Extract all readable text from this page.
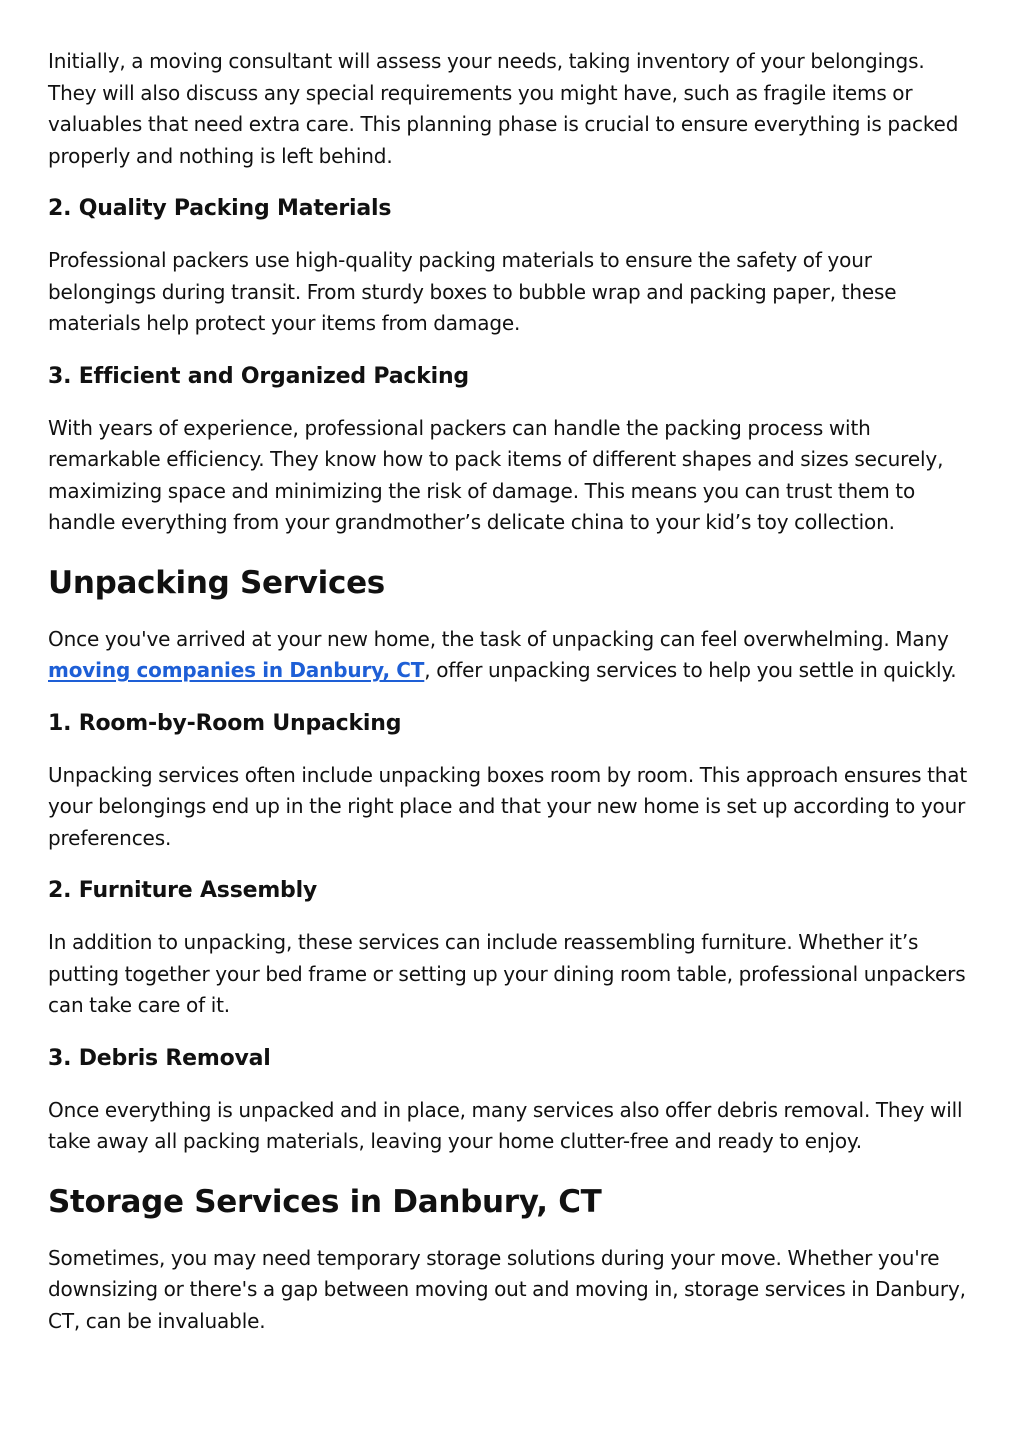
Initially, a moving consultant will assess your needs, taking inventory of your belongings. They will also discuss any special requirements you might have, such as fragile items or valuables that need extra care. This planning phase is crucial to ensure everything is packed properly and nothing is left behind.

2. Quality Packing Materials

Professional packers use high-quality packing materials to ensure the safety of your belongings during transit. From sturdy boxes to bubble wrap and packing paper, these materials help protect your items from damage.

3. Efficient and Organized Packing

With years of experience, professional packers can handle the packing process with remarkable efficiency. They know how to pack items of different shapes and sizes securely, maximizing space and minimizing the risk of damage. This means you can trust them to handle everything from your grandmother’s delicate china to your kid’s toy collection.

Unpacking Services

Once you've arrived at your new home, the task of unpacking can feel overwhelming. Many moving companies in Danbury, CT, offer unpacking services to help you settle in quickly.

1. Room-by-Room Unpacking

Unpacking services often include unpacking boxes room by room. This approach ensures that your belongings end up in the right place and that your new home is set up according to your preferences.

2. Furniture Assembly

In addition to unpacking, these services can include reassembling furniture. Whether it’s putting together your bed frame or setting up your dining room table, professional unpackers can take care of it.

3. Debris Removal

Once everything is unpacked and in place, many services also offer debris removal. They will take away all packing materials, leaving your home clutter-free and ready to enjoy.

Storage Services in Danbury, CT

Sometimes, you may need temporary storage solutions during your move. Whether you're downsizing or there's a gap between moving out and moving in, storage services in Danbury, CT, can be invaluable.
